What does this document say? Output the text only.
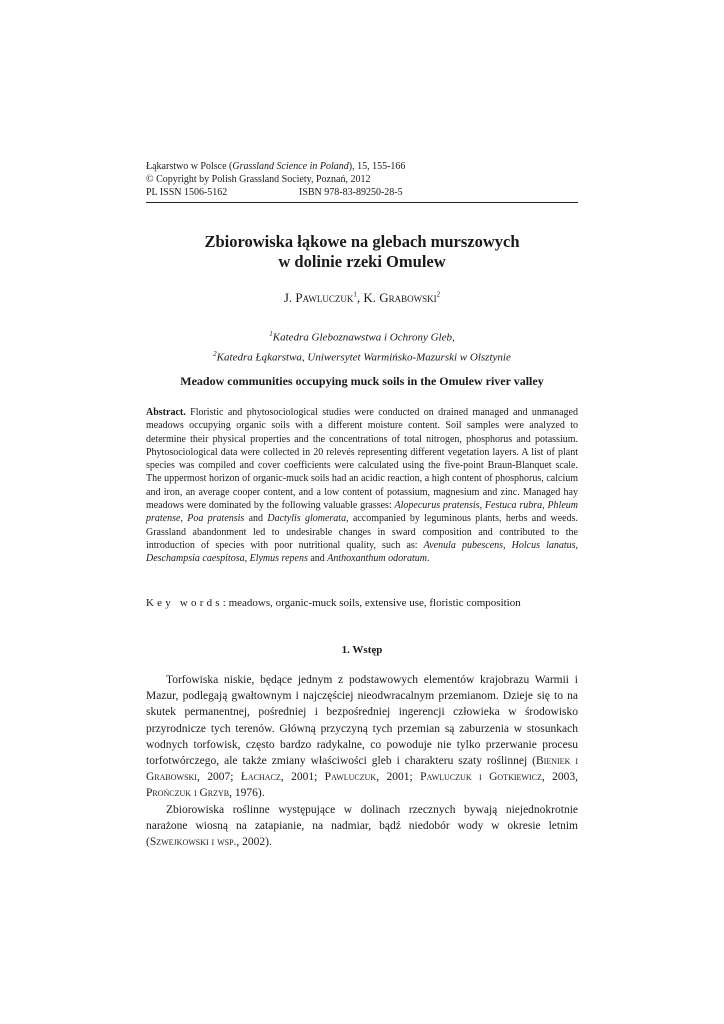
Łąkarstwo w Polsce (Grassland Science in Poland), 15, 155-166
© Copyright by Polish Grassland Society, Poznań, 2012
PL ISSN 1506-5162	ISBN 978-83-89250-28-5
Zbiorowiska łąkowe na glebach murszowych
w dolinie rzeki Omulew
J. Pawluczuk$^1$, K. Grabowski$^2$
$^1$Katedra Gleboznawstwa i Ochrony Gleb,
$^2$Katedra Łąkarstwa, Uniwersytet Warmińsko-Mazurski w Olsztynie
Meadow communities occupying muck soils in the Omulew river valley
Abstract. Floristic and phytosociological studies were conducted on drained managed and unmanaged meadows occupying organic soils with a different moisture content. Soil samples were analyzed to determine their physical properties and the concentrations of total nitrogen, phosphorus and potassium. Phytosociological data were collected in 20 relevés representing different vegetation layers. A list of plant species was compiled and cover coefficients were calculated using the five-point Braun-Blanquet scale. The uppermost horizon of organic-muck soils had an acidic reaction, a high content of phosphorus, calcium and iron, an average cooper content, and a low content of potassium, magnesium and zinc. Managed hay meadows were dominated by the following valuable grasses: Alopecurus pratensis, Festuca rubra, Phleum pratense, Poa pratensis and Dactylis glomerata, accompanied by leguminous plants, herbs and weeds. Grassland abandonment led to undesirable changes in sward composition and contributed to the introduction of species with poor nutritional quality, such as: Avenula pubescens, Holcus lanatus, Deschampsia caespitosa, Elymus repens and Anthoxanthum odoratum.
Key words: meadows, organic-muck soils, extensive use, floristic composition
1. Wstęp

Torfowiska niskie, będące jednym z podstawowych elementów krajobrazu Warmii i Mazur, podlegają gwałtownym i najczęściej nieodwracalnym przemianom. Dzieje się to na skutek permanentnej, pośredniej i bezpośredniej ingerencji człowieka w środowisko przyrodnicze tych terenów. Główną przyczyną tych przemian są zaburzenia w stosunkach wodnych torfowisk, często bardzo radykalne, co powoduje nie tylko przerwanie procesu torfotwórczego, ale także zmiany właściwości gleb i charakteru szaty roślinnej (Bieniek i Grabowski, 2007; Łachacz, 2001; Pawluczuk, 2001; Pawluczuk i Gotkiewicz, 2003, Prończuk i Grzyb, 1976).

Zbiorowiska roślinne występujące w dolinach rzecznych bywają niejednokrotnie narażone wiosną na zatapianie, na nadmiar, bądź niedobór wody w okresie letnim (Szwejkowski i wsp., 2002).
